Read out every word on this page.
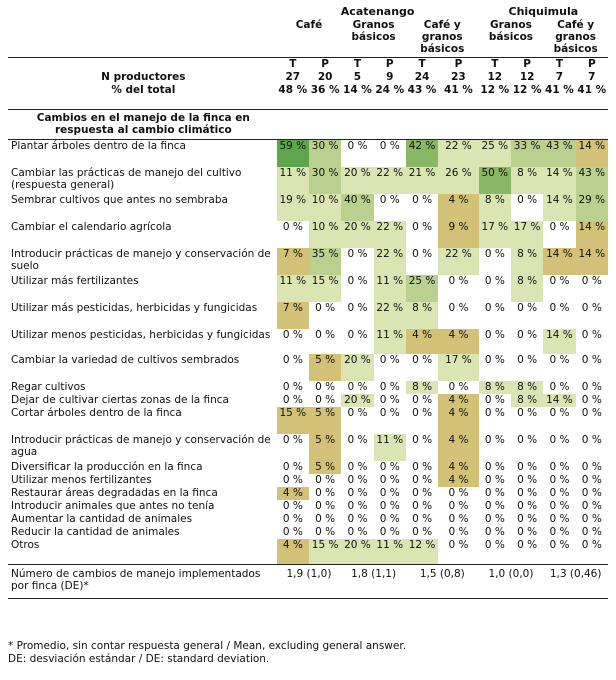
	Acatenango						Chiquimula			
	Café		Granos básicos		Café y granos básicos		Granos básicos		Café y granos básicos	
	T	P	T	P	T	P	T	P	T	P
N productores	27	20	5	9	24	23	12	12	7	7
% del total	48 %	36 %	14 %	24 %	43 %	41 %	12 %	12 %	41 %	41 %
Cambios en el manejo de la finca en respuesta al cambio climático										
Plantar árboles dentro de la finca	59 %	30 %	0 %	0 %	42 %	22 %	25 %	33 %	43 %	14 %
Cambiar las prácticas de manejo del cultivo (respuesta general)	11 %	30 %	20 %	22 %	21 %	26 %	50 %	8 %	14 %	43 %
Sembrar cultivos que antes no sembraba	19 %	10 %	40 %	0 %	0 %	4 %	8 %	0 %	14 %	29 %
Cambiar el calendario agrícola	0 %	10 %	20 %	22 %	0 %	9 %	17 %	17 %	0 %	14 %
Introducir prácticas de manejo y conservación de suelo	7 %	35 %	0 %	22 %	0 %	22 %	0 %	8 %	14 %	14 %
Utilizar más fertilizantes	11 %	15 %	0 %	11 %	25 %	0 %	0 %	8 %	0 %	0 %
Utilizar más pesticidas, herbicidas y fungicidas	7 %	0 %	0 %	22 %	8 %	0 %	0 %	0 %	0 %	0 %
Utilizar menos pesticidas, herbicidas y fungicidas	0 %	0 %	0 %	11 %	4 %	4 %	0 %	0 %	14 %	0 %
Cambiar la variedad de cultivos sembrados	0 %	5 %	20 %	0 %	0 %	17 %	0 %	0 %	0 %	0 %
Regar cultivos	0 %	0 %	0 %	0 %	8 %	0 %	8 %	8 %	0 %	0 %
Dejar de cultivar ciertas zonas de la finca	0 %	0 %	20 %	0 %	0 %	4 %	0 %	8 %	14 %	0 %
Cortar árboles dentro de la finca	15 %	5 %	0 %	0 %	0 %	4 %	0 %	0 %	0 %	0 %
Introducir prácticas de manejo y conservación de agua	0 %	5 %	0 %	11 %	0 %	4 %	0 %	0 %	0 %	0 %
Diversificar la producción en la finca	0 %	5 %	0 %	0 %	0 %	4 %	0 %	0 %	0 %	0 %
Utilizar menos fertilizantes	0 %	0 %	0 %	0 %	0 %	4 %	0 %	0 %	0 %	0 %
Restaurar áreas degradadas en la finca	4 %	0 %	0 %	0 %	0 %	0 %	0 %	0 %	0 %	0 %
Introducir animales que antes no tenía	0 %	0 %	0 %	0 %	0 %	0 %	0 %	0 %	0 %	0 %
Aumentar la cantidad de animales	0 %	0 %	0 %	0 %	0 %	0 %	0 %	0 %	0 %	0 %
Reducir la cantidad de animales	0 %	0 %	0 %	0 %	0 %	0 %	0 %	0 %	0 %	0 %
Otros	4 %	15 %	20 %	11 %	12 %	0 %	0 %	0 %	0 %	0 %
Número de cambios de manejo implementados por finca (DE)*	1,9 (1,0)		1,8 (1,1)		1,5 (0,8)		1,0 (0,0)		1,3 (0,46)	
* Promedio, sin contar respuesta general / Mean, excluding general answer.
DE: desviación estándar / DE: standard deviation.
